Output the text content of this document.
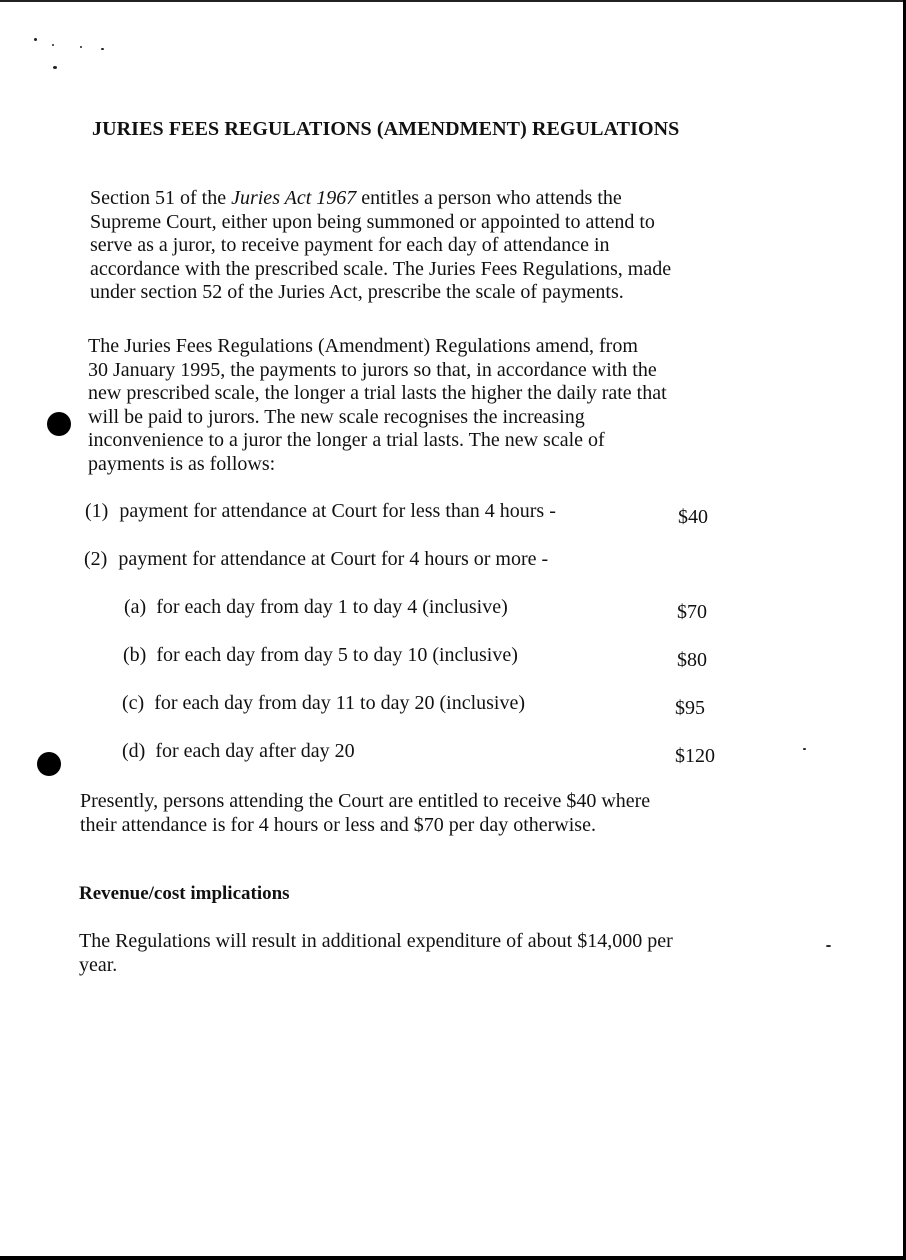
JURIES FEES REGULATIONS (AMENDMENT) REGULATIONS

Section 51 of the Juries Act 1967 entitles a person who attends the

Supreme Court, either upon being summoned or appointed to attend to

serve as a juror, to receive payment for each day of attendance in

accordance with the prescribed scale. The Juries Fees Regulations, made

under section 52 of the Juries Act, prescribe the scale of payments.

The Juries Fees Regulations (Amendment) Regulations amend, from

30 January 1995, the payments to jurors so that, in accordance with the

new prescribed scale, the longer a trial lasts the higher the daily rate that

will be paid to jurors. The new scale recognises the increasing

inconvenience to a juror the longer a trial lasts. The new scale of

payments is as follows:

(1) payment for attendance at Court for less than 4 hours -	$40
(2) payment for attendance at Court for 4 hours or more -
(a) for each day from day 1 to day 4 (inclusive)	$70
(b) for each day from day 5 to day 10 (inclusive)	$80
(c) for each day from day 11 to day 20 (inclusive)	$95
(d) for each day after day 20	$120

Presently, persons attending the Court are entitled to receive $40 where

their attendance is for 4 hours or less and $70 per day otherwise.

Revenue/cost implications

The Regulations will result in additional expenditure of about $14,000 per

year.
